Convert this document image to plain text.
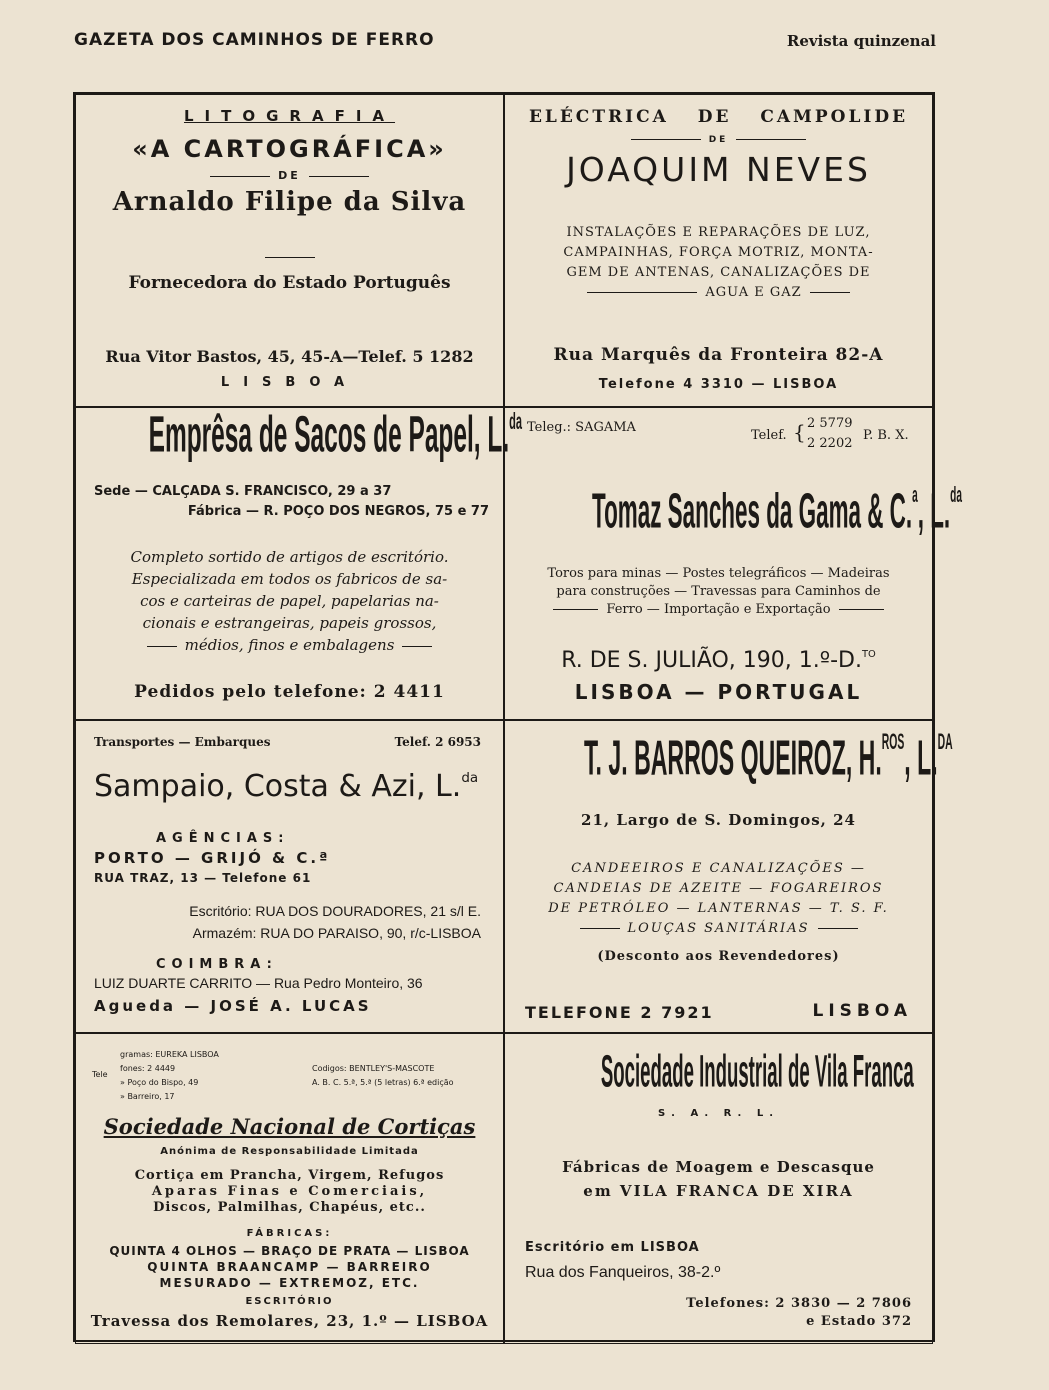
GAZETA DOS CAMINHOS DE FERRO	Revista quinzenal
LITOGRAFIA
«A CARTOGRÁFICA»
DE
Arnaldo Filipe da Silva
Fornecedora do Estado Português
Rua Vitor Bastos, 45, 45-A—Telef. 5 1282
LISBOA
ELÉCTRICA DE CAMPOLIDE
DE
JOAQUIM NEVES
INSTALAÇÕES E REPARAÇÕES DE LUZ,
CAMPAINHAS, FORÇA MOTRIZ, MONTA-
GEM DE ANTENAS, CANALIZAÇÕES DE
AGUA E GAZ
Rua Marquês da Fronteira 82-A
Telefone 4 3310 — LISBOA
Emprêsa de Sacos de Papel, L.$^{da}$
Sede — CALÇADA S. FRANCISCO, 29 a 37
Fábrica — R. POÇO DOS NEGROS, 75 e 77
Completo sortido de artigos de escritório.
Especializada em todos os fabricos de sa-
cos e carteiras de papel, papelarias na-
cionais e estrangeiras, papeis grossos,
médios, finos e embalagens
Pedidos pelo telefone: 2 4411
Teleg.: SAGAMA
Telef. { 2 5779
2 2202
P. B. X.
Tomaz Sanches da Gama & C.$^a$, L.$^{da}$
Toros para minas — Postes telegráficos — Madeiras
para construções — Travessas para Caminhos de
Ferro — Importação e Exportação
R. DE S. JULIÃO, 190, 1.º-D.$^{TO}$
LISBOA — PORTUGAL
Transportes — Embarques	Telef. 2 6953
Sampaio, Costa & Azi, L.$^{da}$
AGÊNCIAS:
PORTO — GRIJÓ & C.ª
RUA TRAZ, 13 — Telefone 61
Escritório: RUA DOS DOURADORES, 21 s/l E.
Armazém: RUA DO PARAISO, 90, r/c-LISBOA
COIMBRA:
LUIZ DUARTE CARRITO — Rua Pedro Monteiro, 36
Agueda — JOSÉ A. LUCAS
T. J. BARROS QUEIROZ, H.$^{ROS}$, L.$^{DA}$
21, Largo de S. Domingos, 24
CANDEEIROS E CANALIZAÇÕES —
CANDEIAS DE AZEITE — FOGAREIROS
DE PETRÓLEO — LANTERNAS — T. S. F.
LOUÇAS SANITÁRIAS
(Desconto aos Revendedores)
TELEFONE 2 7921	LISBOA
Tele
gramas: EUREKA LISBOA
fones: 2 4449
» Poço do Bispo, 49
» Barreiro, 17
Codigos: BENTLEY'S-MASCOTE
A. B. C. 5.ª, 5.ª (5 letras) 6.ª edição
Sociedade Nacional de Cortiças
Anónima de Responsabilidade Limitada
Cortiça em Prancha, Virgem, Refugos
Aparas Finas e Comerciais,
Discos, Palmilhas, Chapéus, etc..
FÁBRICAS:
QUINTA 4 OLHOS — BRAÇO DE PRATA — LISBOA
QUINTA BRAANCAMP — BARREIRO
MESURADO — EXTREMOZ, ETC.
ESCRITÓRIO
Travessa dos Remolares, 23, 1.º — LISBOA
Sociedade Industrial de Vila Franca
S. A. R. L.
Fábricas de Moagem e Descasque
em VILA FRANCA DE XIRA
Escritório em LISBOA
Rua dos Fanqueiros, 38-2.º
Telefones: 2 3830 — 2 7806
e Estado 372
